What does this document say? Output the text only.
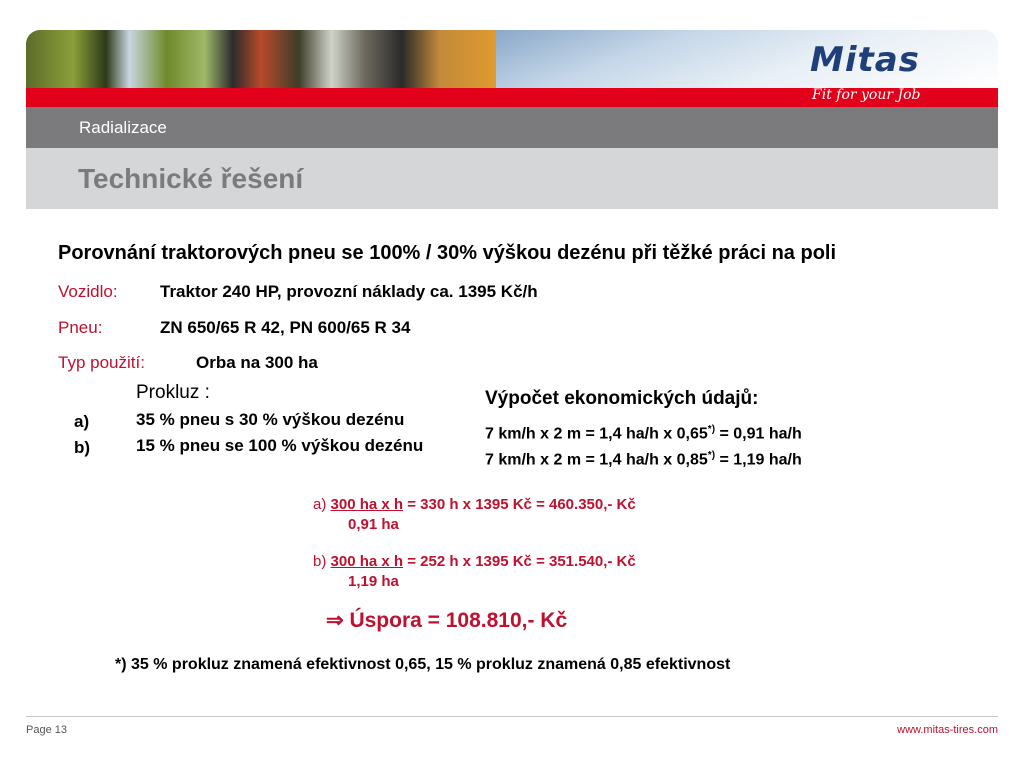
Mitas
Fit for your Job
Radializace
Technické řešení
Porovnání traktorových pneu se 100% / 30% výškou dezénu při těžké práci na poli
Vozidlo: Traktor 240 HP, provozní náklady ca. 1395 Kč/h
Pneu:	ZN 650/65 R 42, PN 600/65 R 34
Typ použití:	Orba na 300 ha
Prokluz :
a)	35 % pneu s 30 % výškou dezénu
b)	15 % pneu se 100 % výškou dezénu
Výpočet ekonomických údajů:
7 km/h x 2 m = 1,4 ha/h x 0,65*) = 0,91 ha/h
7 km/h x 2 m = 1,4 ha/h x 0,85*) = 1,19 ha/h
a) 300 ha x h = 330 h x 1395 Kč = 460.350,- Kč
0,91 ha
b) 300 ha x h = 252 h x 1395 Kč = 351.540,- Kč
1,19 ha
⇒ Úspora = 108.810,- Kč
*) 35 % prokluz znamená efektivnost 0,65, 15 % prokluz znamená 0,85 efektivnost
Page 13	www.mitas-tires.com
